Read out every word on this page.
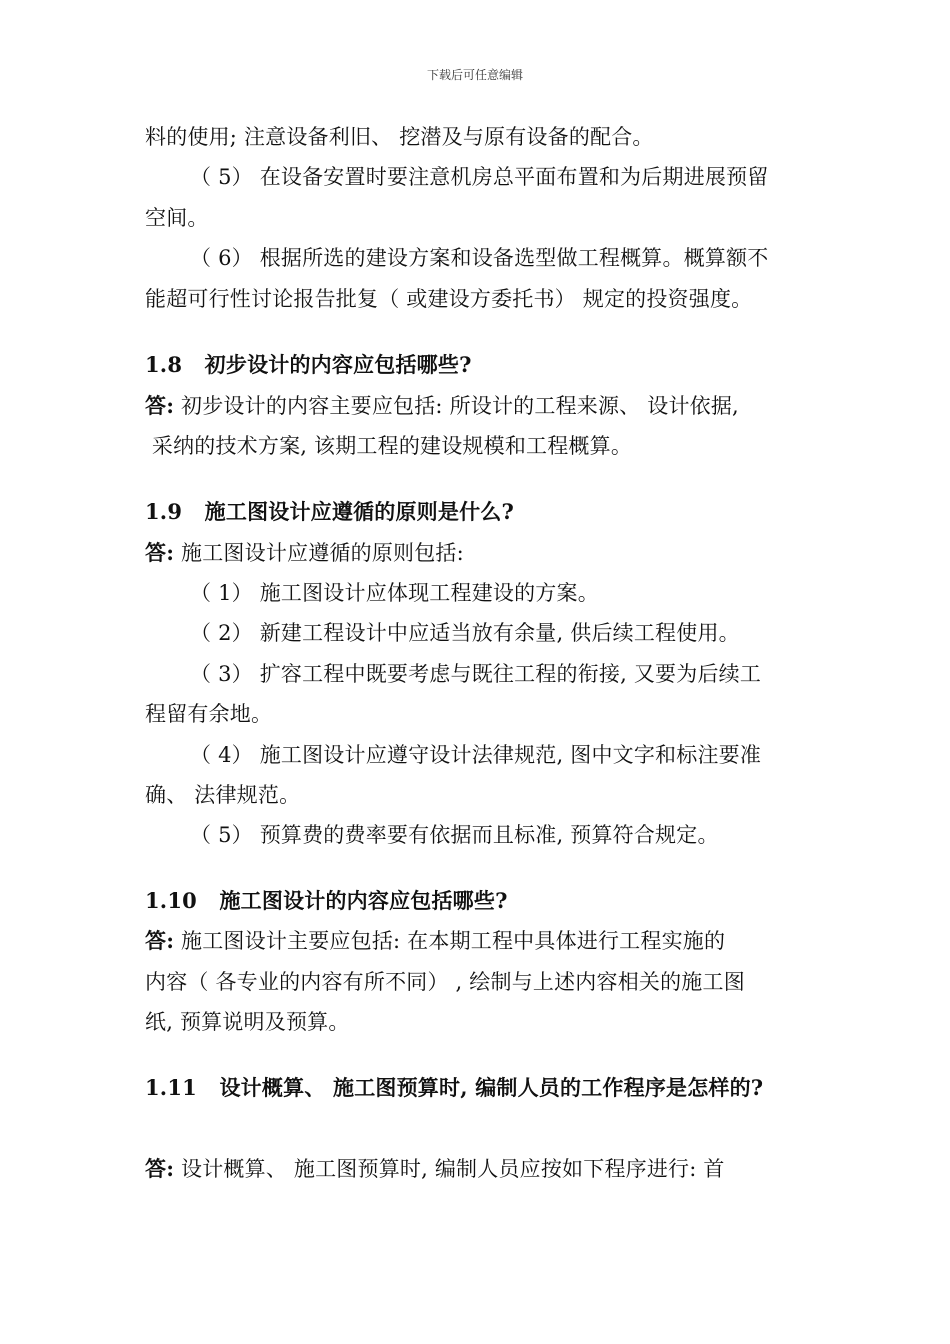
下载后可任意编辑
料的使用; 注意设备利旧、 挖潜及与原有设备的配合。
（ 5） 在设备安置时要注意机房总平面布置和为后期进展预留
空间。
（ 6） 根据所选的建设方案和设备选型做工程概算。概算额不
能超可行性讨论报告批复（ 或建设方委托书） 规定的投资强度。
1.8   初步设计的内容应包括哪些?
答: 初步设计的内容主要应包括: 所设计的工程来源、 设计依据,
采纳的技术方案, 该期工程的建设规模和工程概算。
1.9   施工图设计应遵循的原则是什么?
答: 施工图设计应遵循的原则包括:
（ 1） 施工图设计应体现工程建设的方案。
（ 2） 新建工程设计中应适当放有余量, 供后续工程使用。
（ 3） 扩容工程中既要考虑与既往工程的衔接, 又要为后续工
程留有余地。
（ 4） 施工图设计应遵守设计法律规范, 图中文字和标注要准
确、 法律规范。
（ 5） 预算费的费率要有依据而且标准, 预算符合规定。
1.10   施工图设计的内容应包括哪些?
答: 施工图设计主要应包括: 在本期工程中具体进行工程实施的
内容（ 各专业的内容有所不同） , 绘制与上述内容相关的施工图
纸, 预算说明及预算。
1.11   设计概算、 施工图预算时, 编制人员的工作程序是怎样的?
答: 设计概算、 施工图预算时, 编制人员应按如下程序进行: 首
